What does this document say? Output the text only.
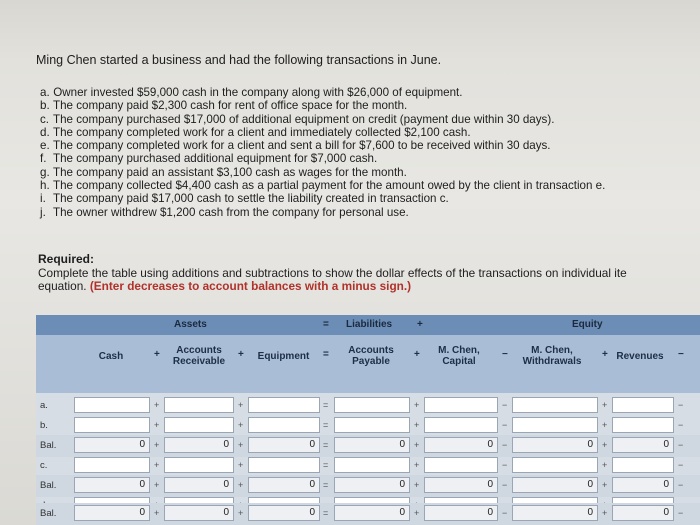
Ming Chen started a business and had the following transactions in June.
a. Owner invested $59,000 cash in the company along with $26,000 of equipment.
b. The company paid $2,300 cash for rent of office space for the month.
c. The company purchased $17,000 of additional equipment on credit (payment due within 30 days).
d. The company completed work for a client and immediately collected $2,100 cash.
e. The company completed work for a client and sent a bill for $7,600 to be received within 30 days.
f. The company purchased additional equipment for $7,000 cash.
g. The company paid an assistant $3,100 cash as wages for the month.
h. The company collected $4,400 cash as a partial payment for the amount owed by the client in transaction e.
i. The company paid $17,000 cash to settle the liability created in transaction c.
j. The owner withdrew $1,200 cash from the company for personal use.
Required:
Complete the table using additions and subtractions to show the dollar effects of the transactions on individual ite
equation. (Enter decreases to account balances with a minus sign.)
Assets	= Liabilities +	Equity
Cash	+	Accounts
Receivable
+	Equipment	=	Accounts
Payable
+	M. Chen,
Capital
−	M. Chen,
Withdrawals
+ Revenues	−
a.	+	+	=	+	−	+	−
b.	+	+	=	+	−	+	−
Bal.	0	+	0	+	0 =	0	+	0	−	0	+	0	−
c.	+	+	=	+	−	+	−
Bal.	0	+	0	+	0 =	0	+	0	−	0	+	0	−
Bal.	0	+	0	+	0 =	0	+	0	−	0	+	0	−
